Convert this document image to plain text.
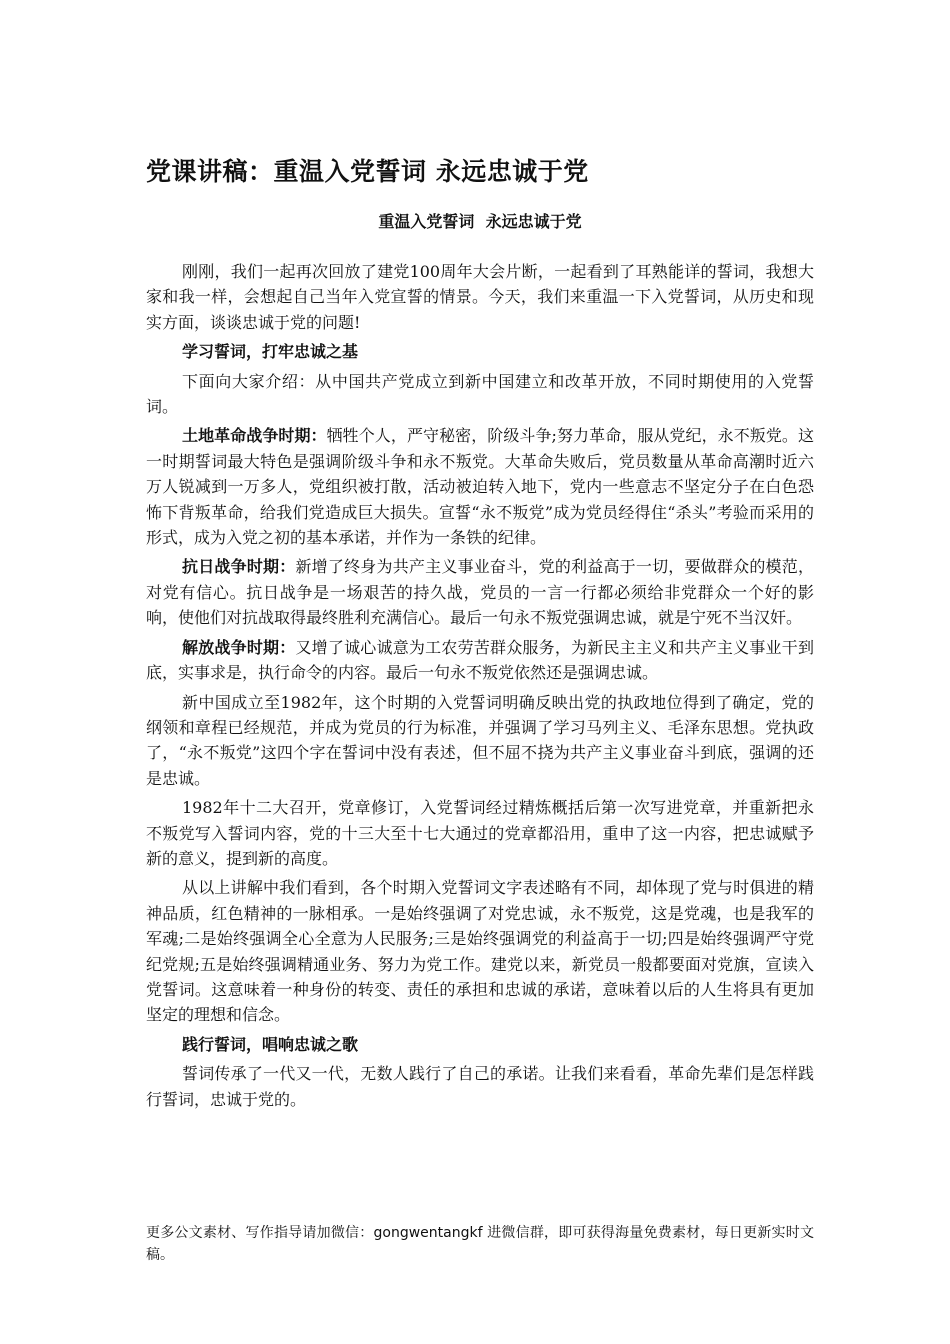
党课讲稿：重温入党誓词 永远忠诚于党
重温入党誓词  永远忠诚于党

刚刚，我们一起再次回放了建党100周年大会片断，一起看到了耳熟能详的誓词，我想大家和我一样，会想起自己当年入党宣誓的情景。今天，我们来重温一下入党誓词，从历史和现实方面，谈谈忠诚于党的问题!

学习誓词，打牢忠诚之基

下面向大家介绍：从中国共产党成立到新中国建立和改革开放，不同时期使用的入党誓词。

土地革命战争时期：牺牲个人，严守秘密，阶级斗争;努力革命，服从党纪，永不叛党。这一时期誓词最大特色是强调阶级斗争和永不叛党。大革命失败后，党员数量从革命高潮时近六万人锐减到一万多人，党组织被打散，活动被迫转入地下，党内一些意志不坚定分子在白色恐怖下背叛革命，给我们党造成巨大损失。宣誓“永不叛党”成为党员经得住“杀头”考验而采用的形式，成为入党之初的基本承诺，并作为一条铁的纪律。

抗日战争时期：新增了终身为共产主义事业奋斗，党的利益高于一切，要做群众的模范，对党有信心。抗日战争是一场艰苦的持久战，党员的一言一行都必须给非党群众一个好的影响，使他们对抗战取得最终胜利充满信心。最后一句永不叛党强调忠诚，就是宁死不当汉奸。

解放战争时期：又增了诚心诚意为工农劳苦群众服务，为新民主主义和共产主义事业干到底，实事求是，执行命令的内容。最后一句永不叛党依然还是强调忠诚。

新中国成立至1982年，这个时期的入党誓词明确反映出党的执政地位得到了确定，党的纲领和章程已经规范，并成为党员的行为标准，并强调了学习马列主义、毛泽东思想。党执政了，“永不叛党”这四个字在誓词中没有表述，但不屈不挠为共产主义事业奋斗到底，强调的还是忠诚。

1982年十二大召开，党章修订，入党誓词经过精炼概括后第一次写进党章，并重新把永不叛党写入誓词内容，党的十三大至十七大通过的党章都沿用，重申了这一内容，把忠诚赋予新的意义，提到新的高度。

从以上讲解中我们看到，各个时期入党誓词文字表述略有不同，却体现了党与时俱进的精神品质，红色精神的一脉相承。一是始终强调了对党忠诚，永不叛党，这是党魂，也是我军的军魂;二是始终强调全心全意为人民服务;三是始终强调党的利益高于一切;四是始终强调严守党纪党规;五是始终强调精通业务、努力为党工作。建党以来，新党员一般都要面对党旗，宣读入党誓词。这意味着一种身份的转变、责任的承担和忠诚的承诺，意味着以后的人生将具有更加坚定的理想和信念。

践行誓词，唱响忠诚之歌

誓词传承了一代又一代，无数人践行了自己的承诺。让我们来看看，革命先辈们是怎样践行誓词，忠诚于党的。

更多公文素材、写作指导请加微信：gongwentangkf 进微信群，即可获得海量免费素材，每日更新实时文稿。
